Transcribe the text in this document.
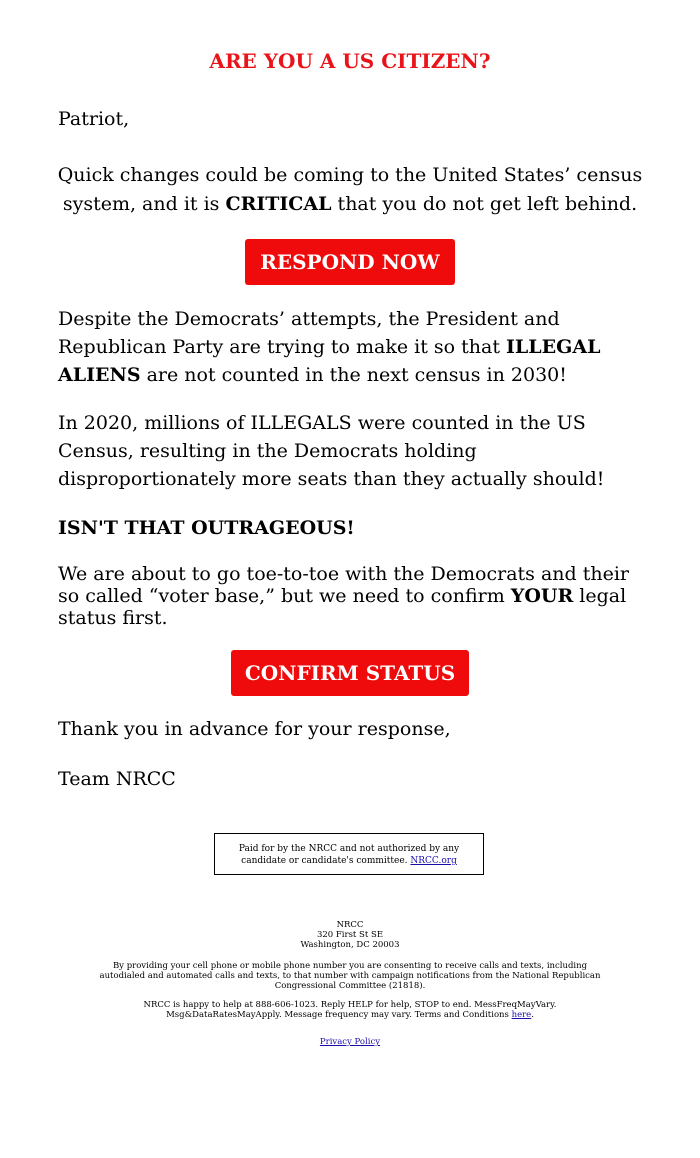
ARE YOU A US CITIZEN?
Patriot,
Quick changes could be coming to the United States’ census system, and it is CRITICAL that you do not get left behind.
RESPOND NOW
Despite the Democrats’ attempts, the President and Republican Party are trying to make it so that ILLEGAL ALIENS are not counted in the next census in 2030!
In 2020, millions of ILLEGALS were counted in the US Census, resulting in the Democrats holding disproportionately more seats than they actually should!
ISN'T THAT OUTRAGEOUS!
We are about to go toe-to-toe with the Democrats and their so called “voter base,” but we need to confirm YOUR legal status first.
CONFIRM STATUS
Thank you in advance for your response,
Team NRCC
Paid for by the NRCC and not authorized by any candidate or candidate's committee. NRCC.org
NRCC
320 First St SE
Washington, DC 20003
By providing your cell phone or mobile phone number you are consenting to receive calls and texts, including autodialed and automated calls and texts, to that number with campaign notifications from the National Republican Congressional Committee (21818).
NRCC is happy to help at 888-606-1023. Reply HELP for help, STOP to end. MessFreqMayVary. Msg&DataRatesMayApply. Message frequency may vary. Terms and Conditions here.
Privacy Policy
